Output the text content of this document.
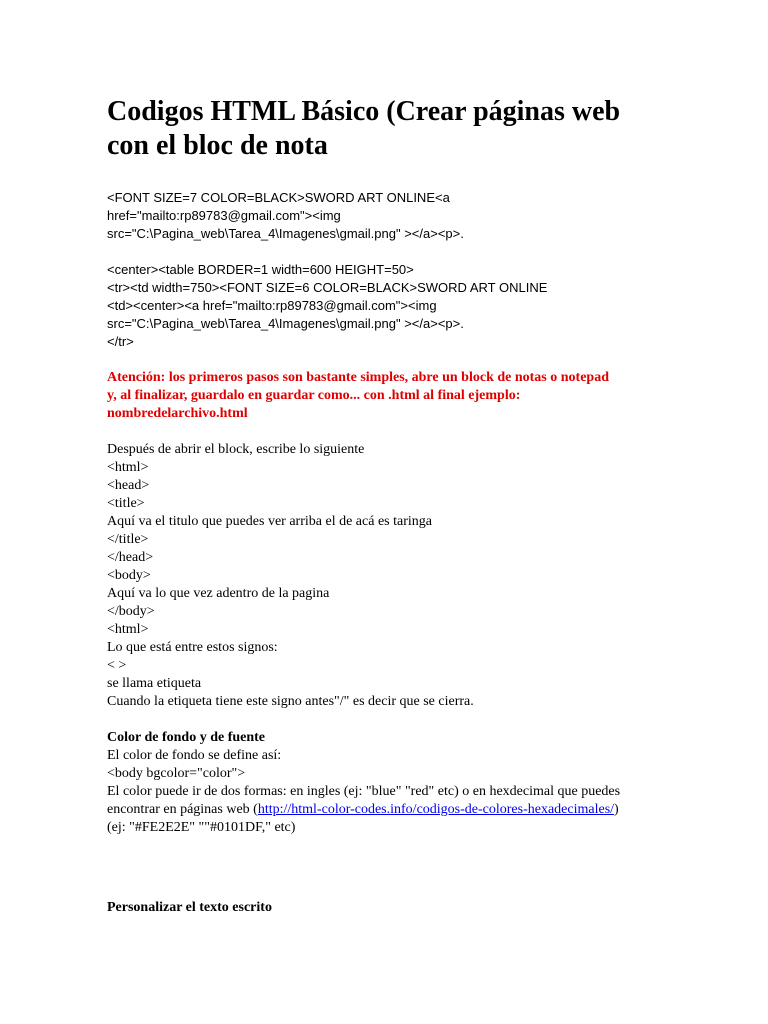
Codigos HTML Básico (Crear páginas web con el bloc de nota
<FONT SIZE=7 COLOR=BLACK>SWORD ART ONLINE<a
href="mailto:rp89783@gmail.com"><img
src="C:\Pagina_web\Tarea_4\Imagenes\gmail.png" ></a><p>.
<center><table BORDER=1 width=600 HEIGHT=50>
<tr><td width=750><FONT SIZE=6 COLOR=BLACK>SWORD ART ONLINE
<td><center><a href="mailto:rp89783@gmail.com"><img
src="C:\Pagina_web\Tarea_4\Imagenes\gmail.png" ></a><p>.
</tr>
Atención: los primeros pasos son bastante simples, abre un block de notas o notepad
y, al finalizar, guardalo en guardar como... con .html al final ejemplo:
nombredelarchivo.html
Después de abrir el block, escribe lo siguiente
<html>
<head>
<title>
Aquí va el titulo que puedes ver arriba el de acá es taringa
</title>
</head>
<body>
Aquí va lo que vez adentro de la pagina
</body>
<html>
Lo que está entre estos signos:
< >
se llama etiqueta
Cuando la etiqueta tiene este signo antes"/" es decir que se cierra.
Color de fondo y de fuente
El color de fondo se define así:
<body bgcolor="color">
El color puede ir de dos formas: en ingles (ej: "blue" "red" etc) o en hexdecimal que puedes
encontrar en páginas web (http://html-color-codes.info/codigos-de-colores-hexadecimales/)
(ej: "#FE2E2E" ""#0101DF," etc)
Personalizar el texto escrito
